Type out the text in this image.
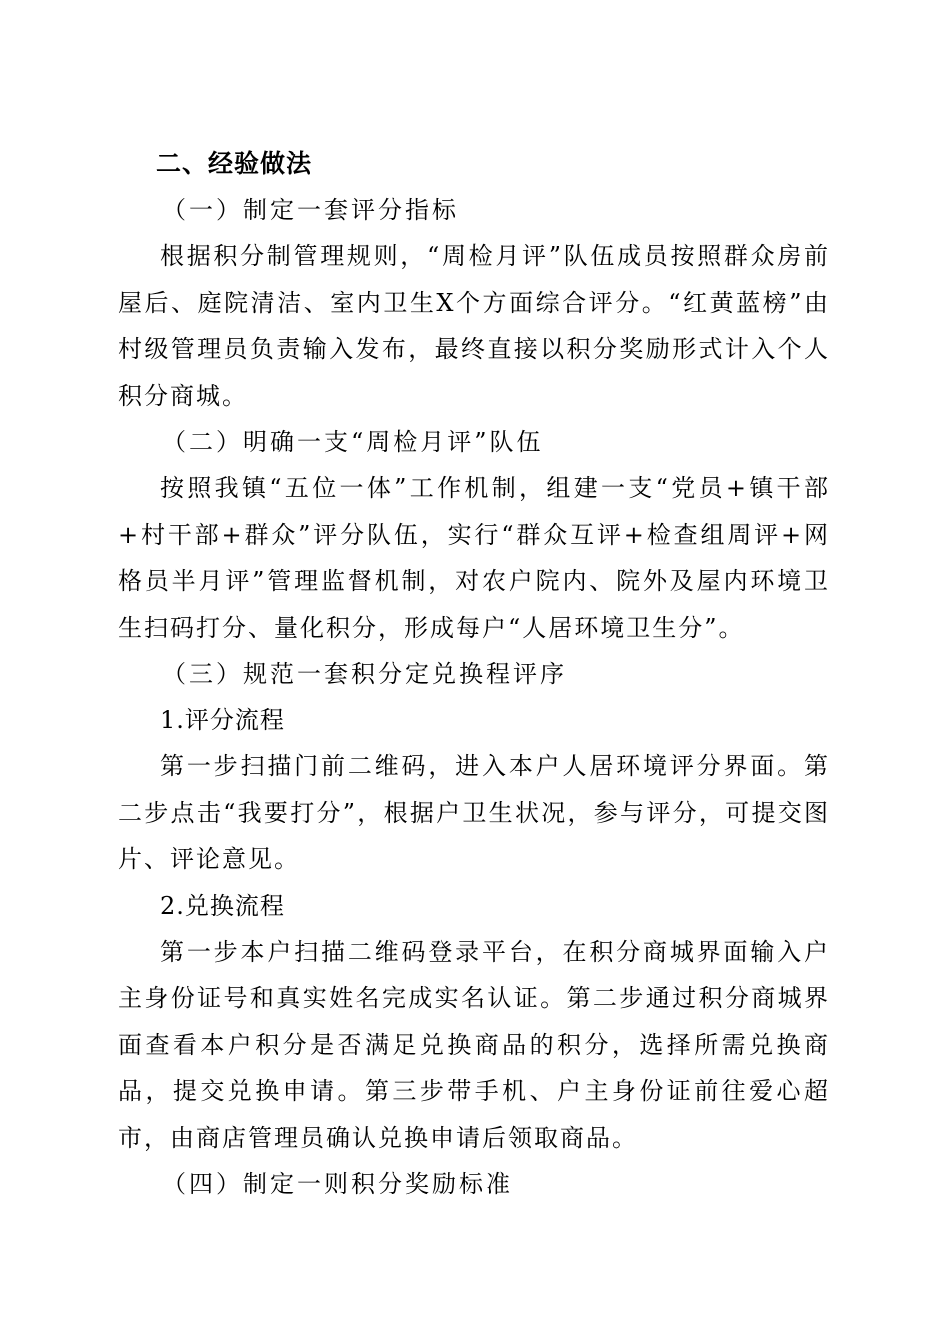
二、经验做法
（一）制定一套评分指标
根据积分制管理规则，“周检月评”队伍成员按照群众房前屋后、庭院清洁、室内卫生X个方面综合评分。“红黄蓝榜”由村级管理员负责输入发布，最终直接以积分奖励形式计入个人积分商城。
（二）明确一支“周检月评”队伍
按照我镇“五位一体”工作机制，组建一支“党员+镇干部+村干部+群众”评分队伍，实行“群众互评+检查组周评+网格员半月评”管理监督机制，对农户院内、院外及屋内环境卫生扫码打分、量化积分，形成每户“人居环境卫生分”。
（三）规范一套积分定兑换程评序
1.评分流程
第一步扫描门前二维码，进入本户人居环境评分界面。第二步点击“我要打分”，根据户卫生状况，参与评分，可提交图片、评论意见。
2.兑换流程
第一步本户扫描二维码登录平台，在积分商城界面输入户主身份证号和真实姓名完成实名认证。第二步通过积分商城界面查看本户积分是否满足兑换商品的积分，选择所需兑换商品，提交兑换申请。第三步带手机、户主身份证前往爱心超市，由商店管理员确认兑换申请后领取商品。
（四）制定一则积分奖励标准
